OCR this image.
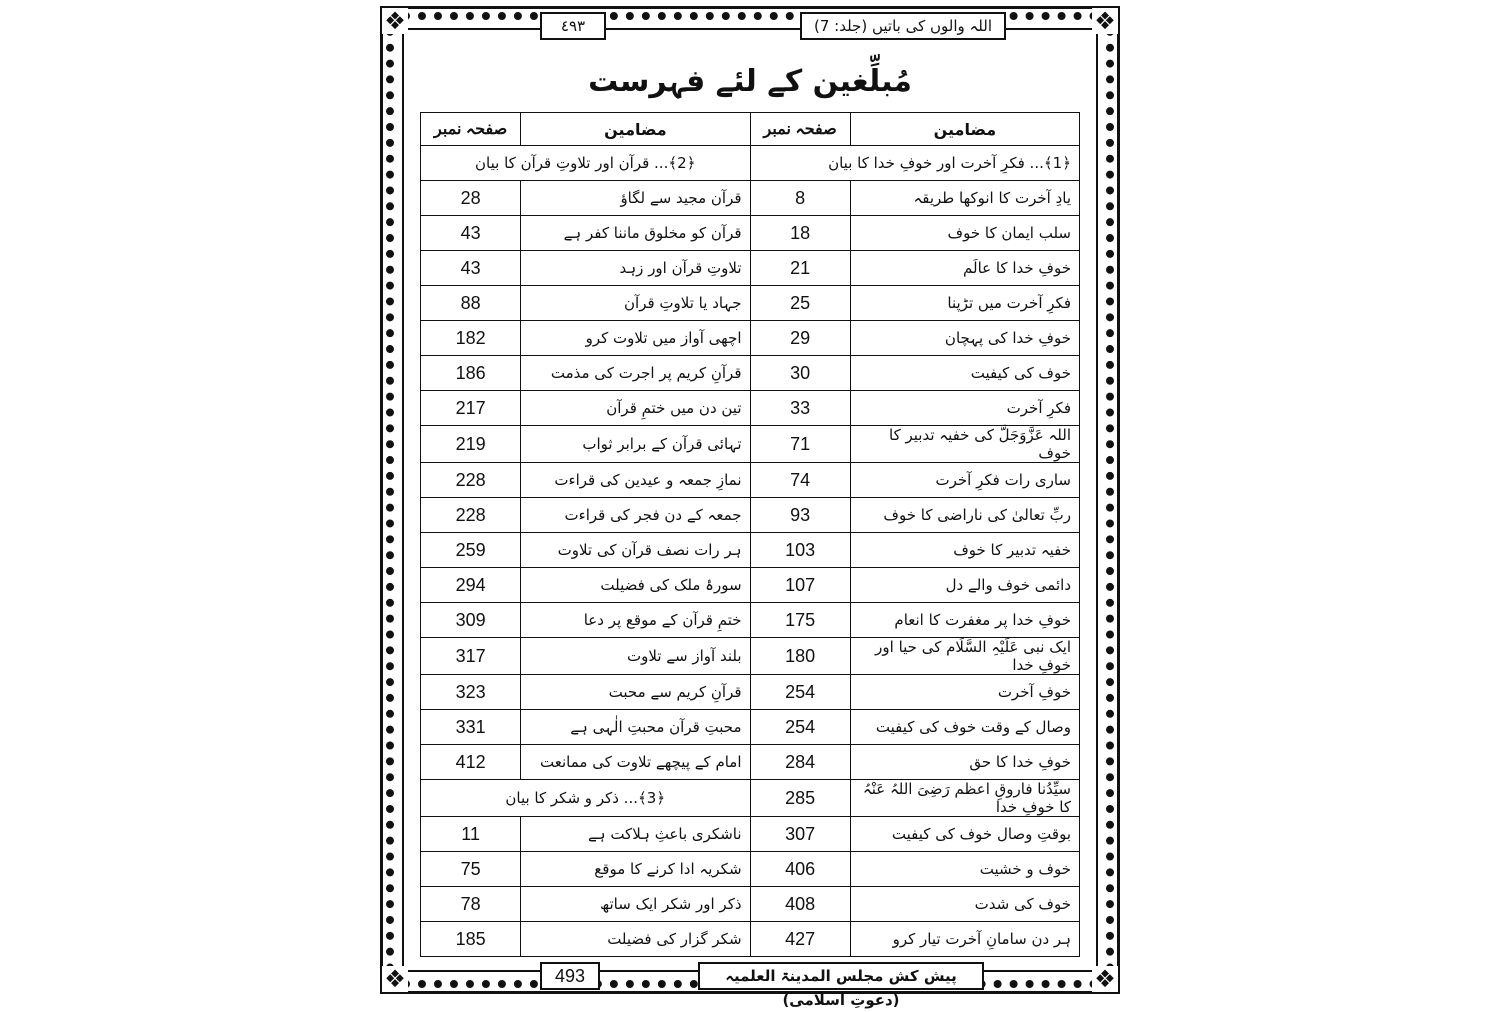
❖	❖
❖	❖
اللہ والوں کی باتیں (جلد: 7)
٤٩٣
مُبلِّغین کے لئے فہرست
مضامین	صفحہ نمبر	مضامین	صفحہ نمبر
﴿1﴾... فکرِ آخرت اور خوفِ خدا کا بیان		﴿2﴾... قرآن اور تلاوتِ قرآن کا بیان	
یادِ آخرت کا انوکھا طریقہ	8	قرآن مجید سے لگاؤ	28
سلب ایمان کا خوف	18	قرآن کو مخلوق ماننا کفر ہے	43
خوفِ خدا کا عالَم	21	تلاوتِ قرآن اور زہد	43
فکرِ آخرت میں تڑپنا	25	جہاد یا تلاوتِ قرآن	88
خوفِ خدا کی پہچان	29	اچھی آواز میں تلاوت کرو	182
خوف کی کیفیت	30	قرآنِ کریم پر اجرت کی مذمت	186
فکرِ آخرت	33	تین دن میں ختمِ قرآن	217
اللہ عَزَّوَجَلَّ کی خفیہ تدبیر کا خوف	71	تہائی قرآن کے برابر ثواب	219
ساری رات فکرِ آخرت	74	نمازِ جمعہ و عیدین کی قراءت	228
ربِّ تعالیٰ کی ناراضی کا خوف	93	جمعہ کے دن فجر کی قراءت	228
خفیہ تدبیر کا خوف	103	ہر رات نصف قرآن کی تلاوت	259
دائمی خوف والے دل	107	سورۂ ملک کی فضیلت	294
خوفِ خدا پر مغفرت کا انعام	175	ختمِ قرآن کے موقع پر دعا	309
ایک نبی عَلَیْہِ السَّلَام کی حیا اور خوفِ خدا	180	بلند آواز سے تلاوت	317
خوفِ آخرت	254	قرآنِ کریم سے محبت	323
وصال کے وقت خوف کی کیفیت	254	محبتِ قرآن محبتِ الٰہی ہے	331
خوفِ خدا کا حق	284	امام کے پیچھے تلاوت کی ممانعت	412
سیِّدُنا فاروقِ اعظم رَضِیَ اللہُ عَنْہُ کا خوفِ خدا	285	﴿3﴾... ذکر و شکر کا بیان	
بوقتِ وصال خوف کی کیفیت	307	ناشکری باعثِ ہلاکت ہے	11
خوف و خشیت	406	شکریہ ادا کرنے کا موقع	75
خوف کی شدت	408	ذکر اور شکر ایک ساتھ	78
ہر دن سامانِ آخرت تیار کرو	427	شکر گزار کی فضیلت	185
پیش کش مجلس المدینۃ العلمیہ (دعوتِ اسلامی)
493
